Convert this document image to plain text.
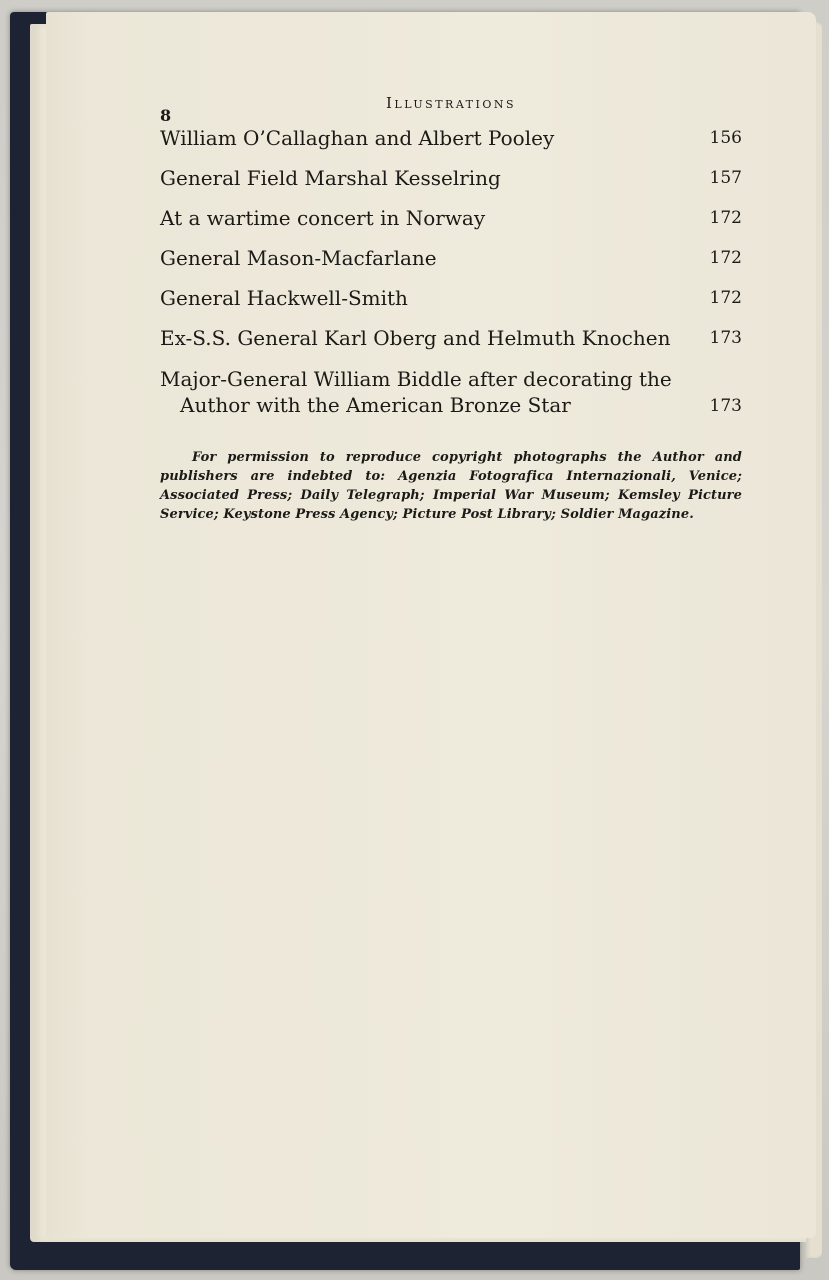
8
Illustrations
William O’Callaghan and Albert Pooley	156
General Field Marshal Kesselring	157
At a wartime concert in Norway	172
General Mason-Macfarlane	172
General Hackwell-Smith	172
Ex-S.S. General Karl Oberg and Helmuth Knochen	173
Major-General William Biddle after decorating the
Author with the American Bronze Star	173

For permission to reproduce copyright photographs the Author and publishers are indebted to: Agenzia Fotografica Internazionali, Venice; Associated Press; Daily Telegraph; Imperial War Museum; Kemsley Picture Service; Keystone Press Agency; Picture Post Library; Soldier Magazine.
